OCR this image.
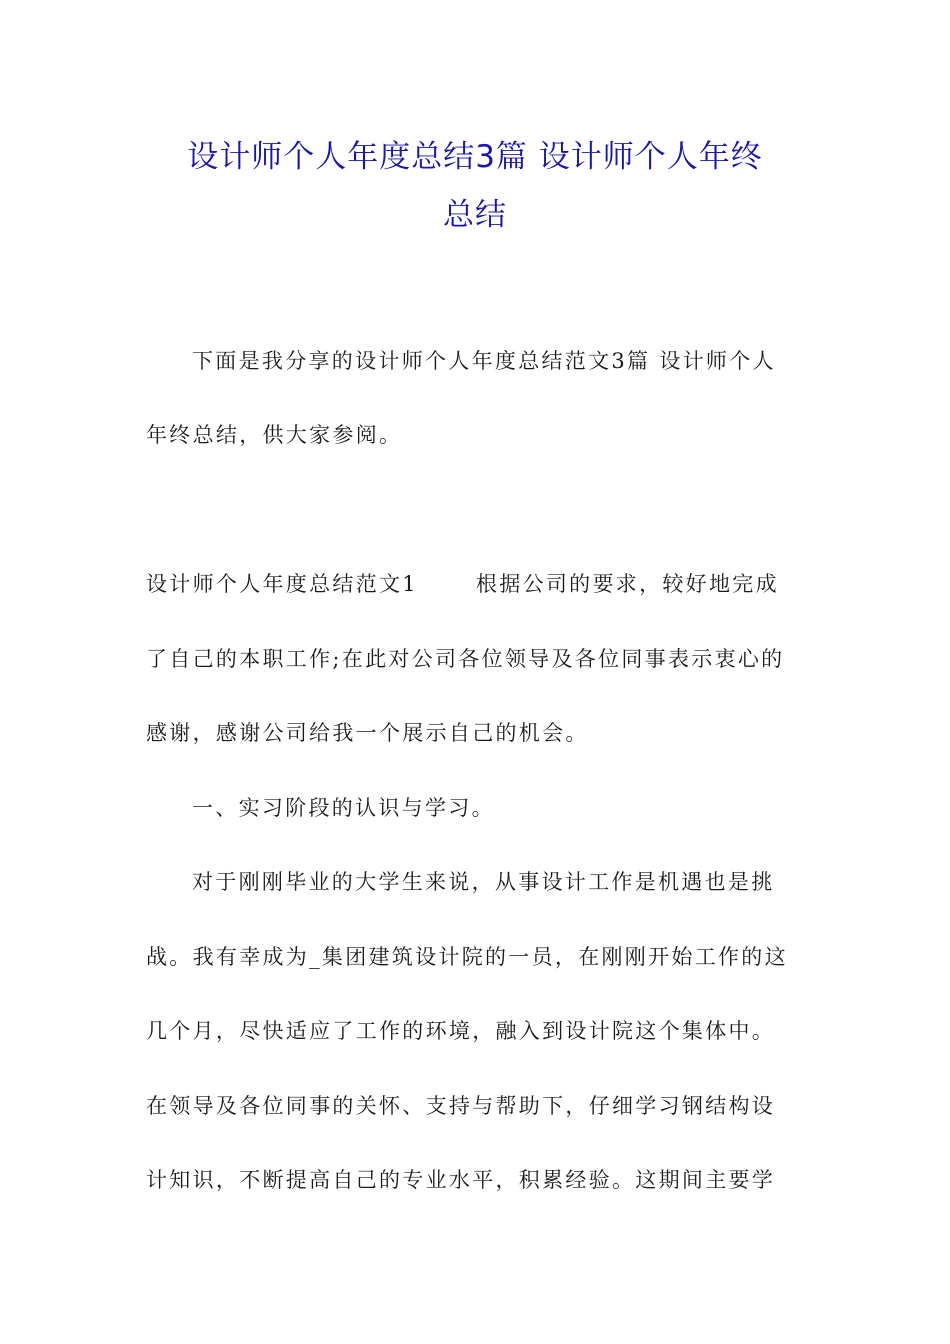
设计师个人年度总结3篇 设计师个人年终
总结
下面是我分享的设计师个人年度总结范文3篇 设计师个人
年终总结，供大家参阅。
设计师个人年度总结范文1	根据公司的要求，较好地完成
了自己的本职工作;在此对公司各位领导及各位同事表示衷心的
感谢，感谢公司给我一个展示自己的机会。
一、实习阶段的认识与学习。
对于刚刚毕业的大学生来说，从事设计工作是机遇也是挑
战。我有幸成为_集团建筑设计院的一员，在刚刚开始工作的这
几个月，尽快适应了工作的环境，融入到设计院这个集体中。
在领导及各位同事的关怀、支持与帮助下，仔细学习钢结构设
计知识，不断提高自己的专业水平，积累经验。这期间主要学
